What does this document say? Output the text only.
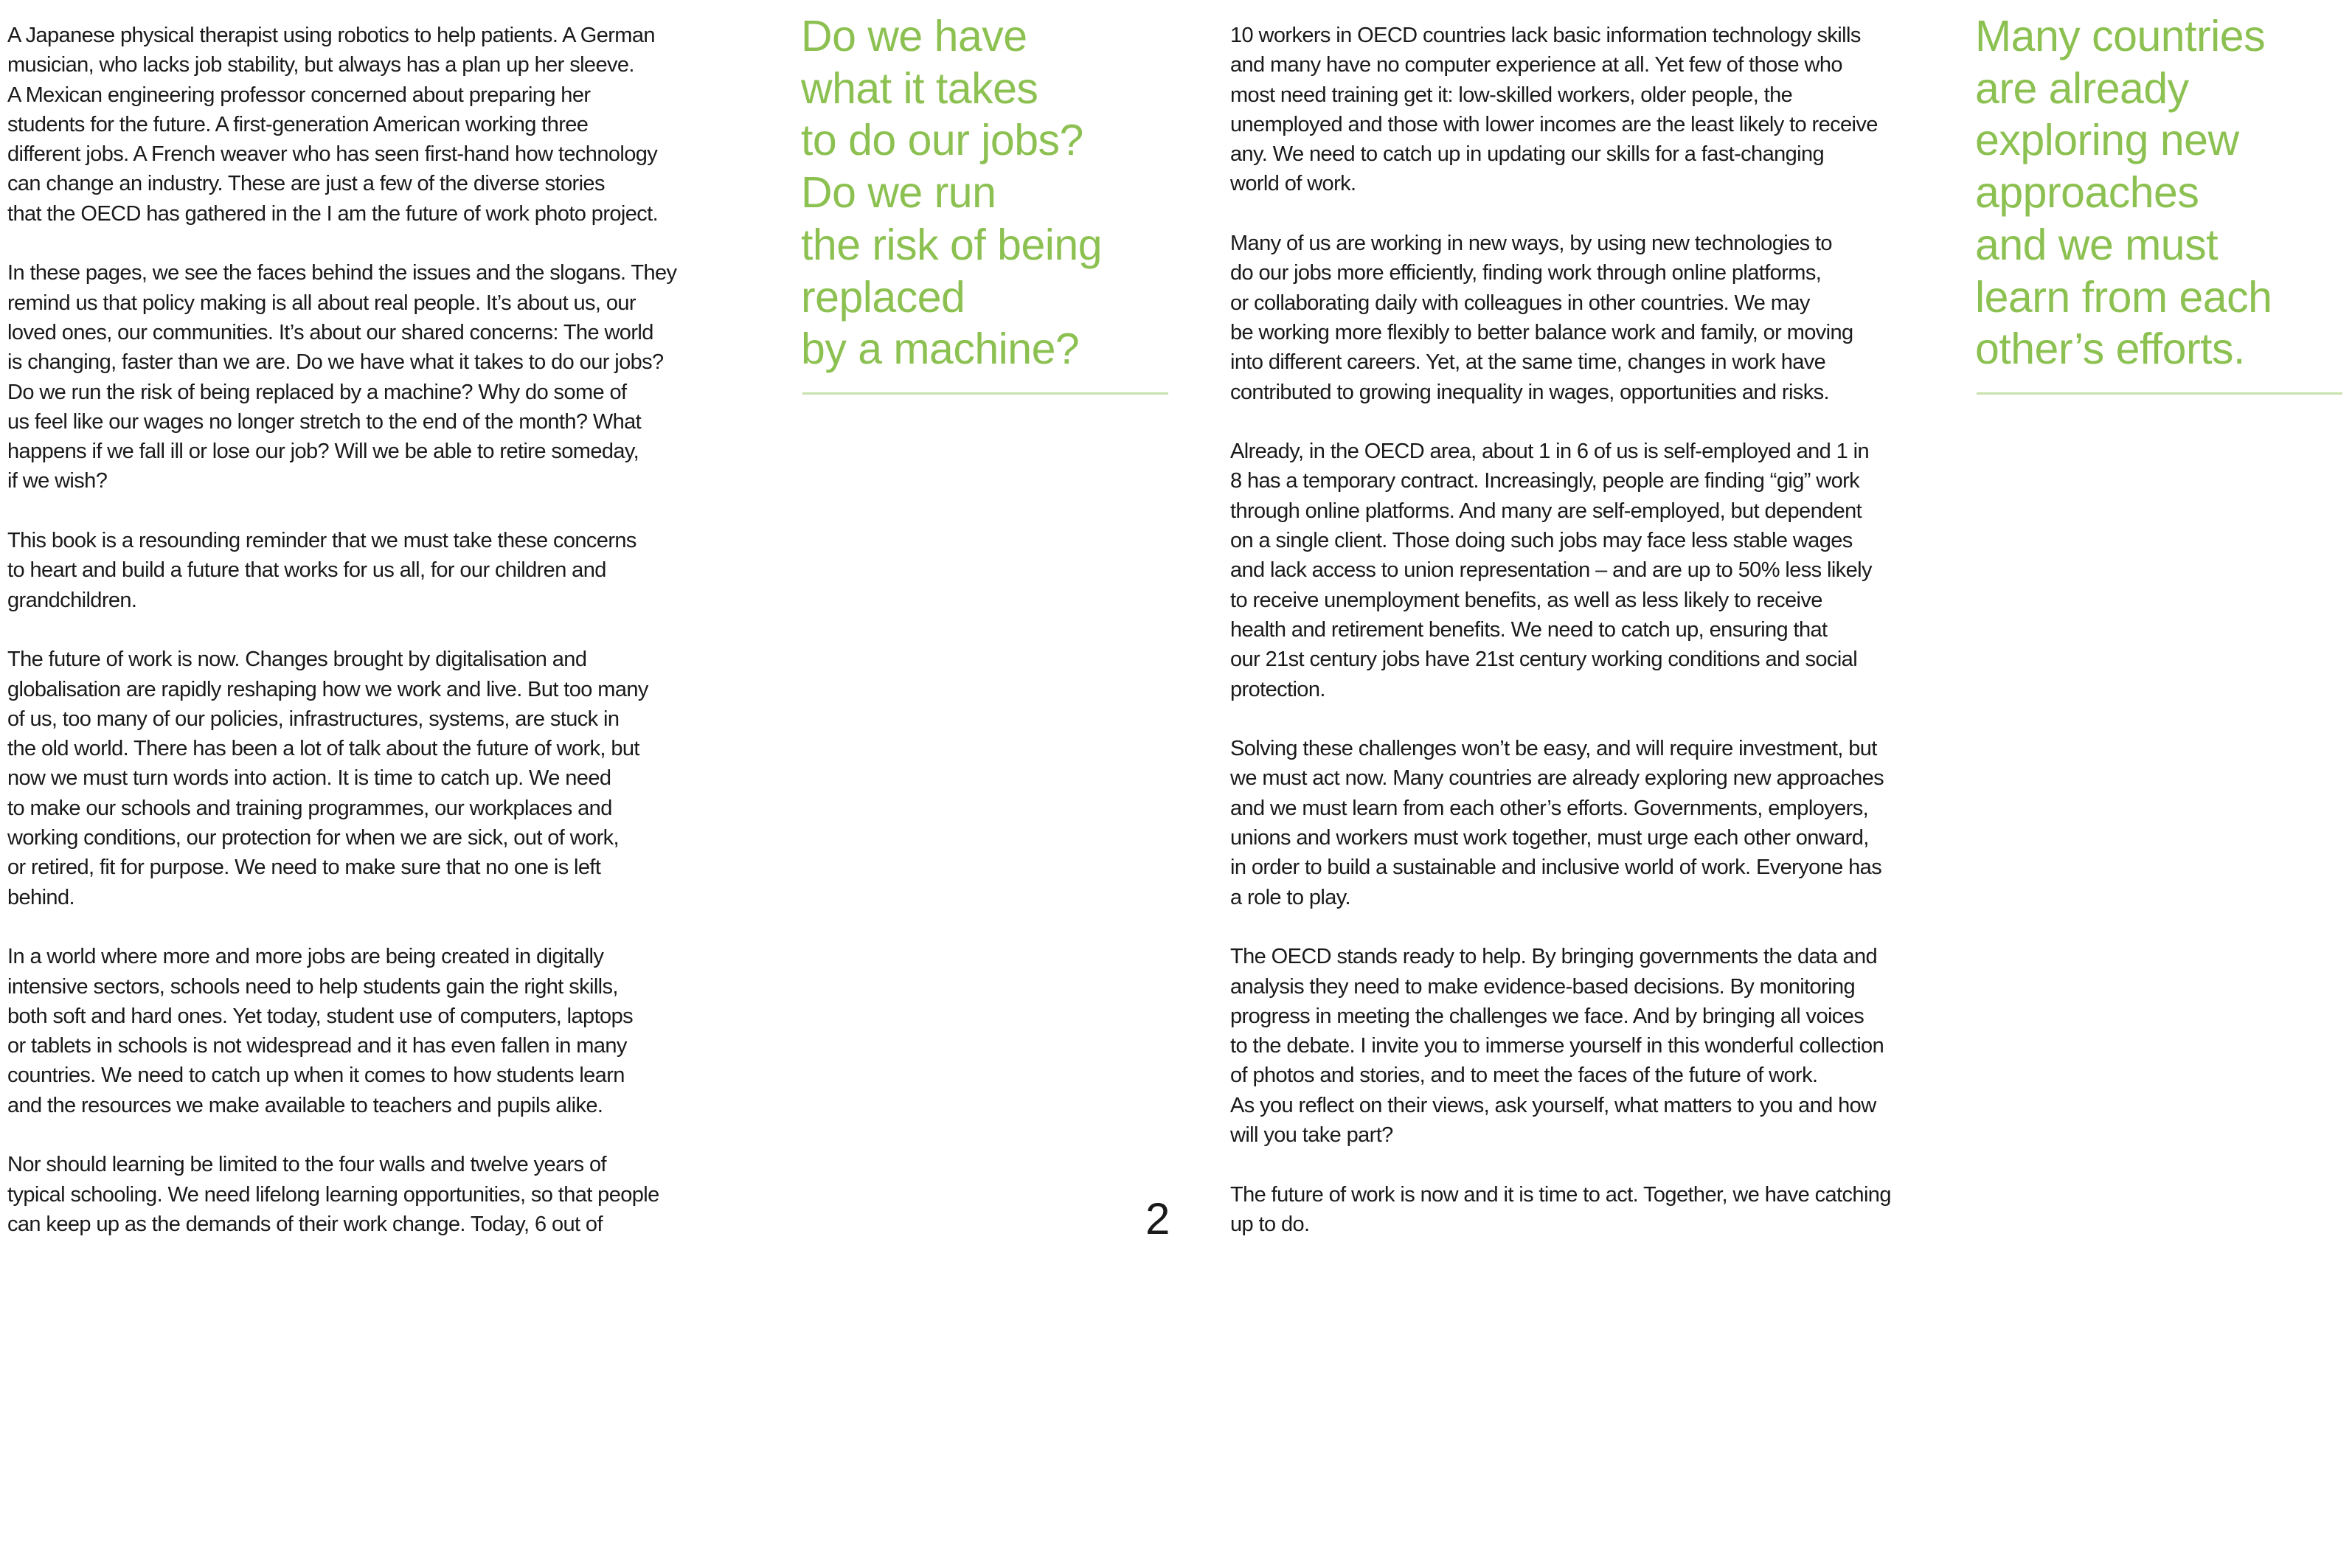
A Japanese physical therapist using robotics to help patients. A German
musician, who lacks job stability, but always has a plan up her sleeve.
A Mexican engineering professor concerned about preparing her
students for the future. A first-generation American working three
different jobs. A French weaver who has seen first-hand how technology
can change an industry. These are just a few of the diverse stories
that the OECD has gathered in the I am the future of work photo project.
In these pages, we see the faces behind the issues and the slogans. They
remind us that policy making is all about real people. It’s about us, our
loved ones, our communities. It’s about our shared concerns: The world
is changing, faster than we are. Do we have what it takes to do our jobs?
Do we run the risk of being replaced by a machine? Why do some of
us feel like our wages no longer stretch to the end of the month? What
happens if we fall ill or lose our job? Will we be able to retire someday,
if we wish?
This book is a resounding reminder that we must take these concerns
to heart and build a future that works for us all, for our children and
grandchildren.
The future of work is now. Changes brought by digitalisation and
globalisation are rapidly reshaping how we work and live. But too many
of us, too many of our policies, infrastructures, systems, are stuck in
the old world. There has been a lot of talk about the future of work, but
now we must turn words into action. It is time to catch up. We need
to make our schools and training programmes, our workplaces and
working conditions, our protection for when we are sick, out of work,
or retired, fit for purpose. We need to make sure that no one is left
behind.
In a world where more and more jobs are being created in digitally
intensive sectors, schools need to help students gain the right skills,
both soft and hard ones. Yet today, student use of computers, laptops
or tablets in schools is not widespread and it has even fallen in many
countries. We need to catch up when it comes to how students learn
and the resources we make available to teachers and pupils alike.
Nor should learning be limited to the four walls and twelve years of
typical schooling. We need lifelong learning opportunities, so that people
can keep up as the demands of their work change. Today, 6 out of
Do we have
what it takes
to do our jobs?
Do we run
the risk of being
replaced
by a machine?
2
10 workers in OECD countries lack basic information technology skills
and many have no computer experience at all. Yet few of those who
most need training get it: low-skilled workers, older people, the
unemployed and those with lower incomes are the least likely to receive
any. We need to catch up in updating our skills for a fast-changing
world of work.
Many of us are working in new ways, by using new technologies to
do our jobs more efficiently, finding work through online platforms,
or collaborating daily with colleagues in other countries. We may
be working more flexibly to better balance work and family, or moving
into different careers. Yet, at the same time, changes in work have
contributed to growing inequality in wages, opportunities and risks.
Already, in the OECD area, about 1 in 6 of us is self-employed and 1 in
8 has a temporary contract. Increasingly, people are finding “gig” work
through online platforms. And many are self-employed, but dependent
on a single client. Those doing such jobs may face less stable wages
and lack access to union representation – and are up to 50% less likely
to receive unemployment benefits, as well as less likely to receive
health and retirement benefits. We need to catch up, ensuring that
our 21st century jobs have 21st century working conditions and social
protection.
Solving these challenges won’t be easy, and will require investment, but
we must act now. Many countries are already exploring new approaches
and we must learn from each other’s efforts. Governments, employers,
unions and workers must work together, must urge each other onward,
in order to build a sustainable and inclusive world of work. Everyone has
a role to play.
The OECD stands ready to help. By bringing governments the data and
analysis they need to make evidence-based decisions. By monitoring
progress in meeting the challenges we face. And by bringing all voices
to the debate. I invite you to immerse yourself in this wonderful collection
of photos and stories, and to meet the faces of the future of work.
As you reflect on their views, ask yourself, what matters to you and how
will you take part?
The future of work is now and it is time to act. Together, we have catching
up to do.
Many countries
are already
exploring new
approaches
and we must
learn from each
other’s efforts.
